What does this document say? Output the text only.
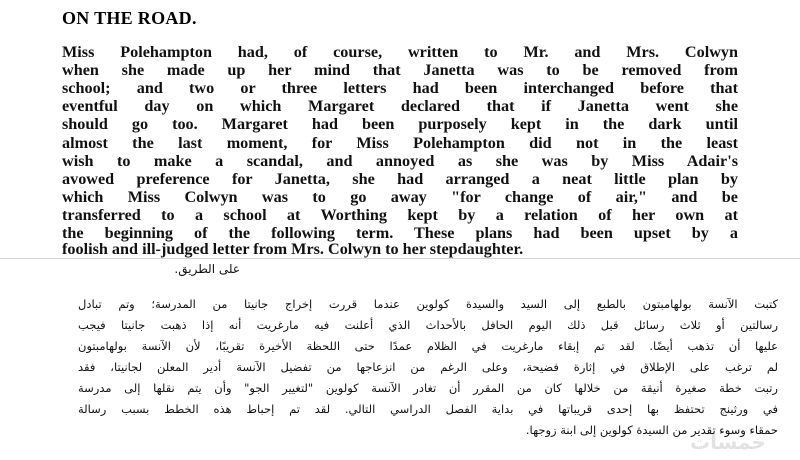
ON THE ROAD.
Miss Polehampton had, of course, written to Mr. and Mrs. Colwyn
when she made up her mind that Janetta was to be removed from
school; and two or three letters had been interchanged before that
eventful day on which Margaret declared that if Janetta went she
should go too. Margaret had been purposely kept in the dark until
almost the last moment, for Miss Polehampton did not in the least
wish to make a scandal, and annoyed as she was by Miss Adair's
avowed preference for Janetta, she had arranged a neat little plan by
which Miss Colwyn was to go away "for change of air," and be
transferred to a school at Worthing kept by a relation of her own at
the beginning of the following term. These plans had been upset by a
foolish and ill-judged letter from Mrs. Colwyn to her stepdaughter.
على الطريق.
كتبت الآنسة بولهامبتون بالطبع إلى السيد والسيدة كولوين عندما قررت إخراج جانيتا من المدرسة؛ وتم تبادل
رسالتين أو ثلاث رسائل قبل ذلك اليوم الحافل بالأحداث الذي أعلنت فيه مارغريت أنه إذا ذهبت جانيتا فيجب
عليها أن تذهب أيضًا. لقد تم إبقاء مارغريت في الظلام عمدًا حتى اللحظة الأخيرة تقريبًا، لأن الآنسة بولهامبتون
لم ترغب على الإطلاق في إثارة فضيحة، وعلى الرغم من انزعاجها من تفضيل الآنسة أدير المعلن لجانيتا، فقد
رتبت خطة صغيرة أنيقة من خلالها كان من المقرر أن تغادر الآنسة كولوين "لتغيير الجو" وأن يتم نقلها إلى مدرسة
في ورثينج تحتفظ بها إحدى قريباتها في بداية الفصل الدراسي التالي. لقد تم إحباط هذه الخطط بسبب رسالة
حمقاء وسوء تقدير من السيدة كولوين إلى ابنة زوجها.
خمسات
